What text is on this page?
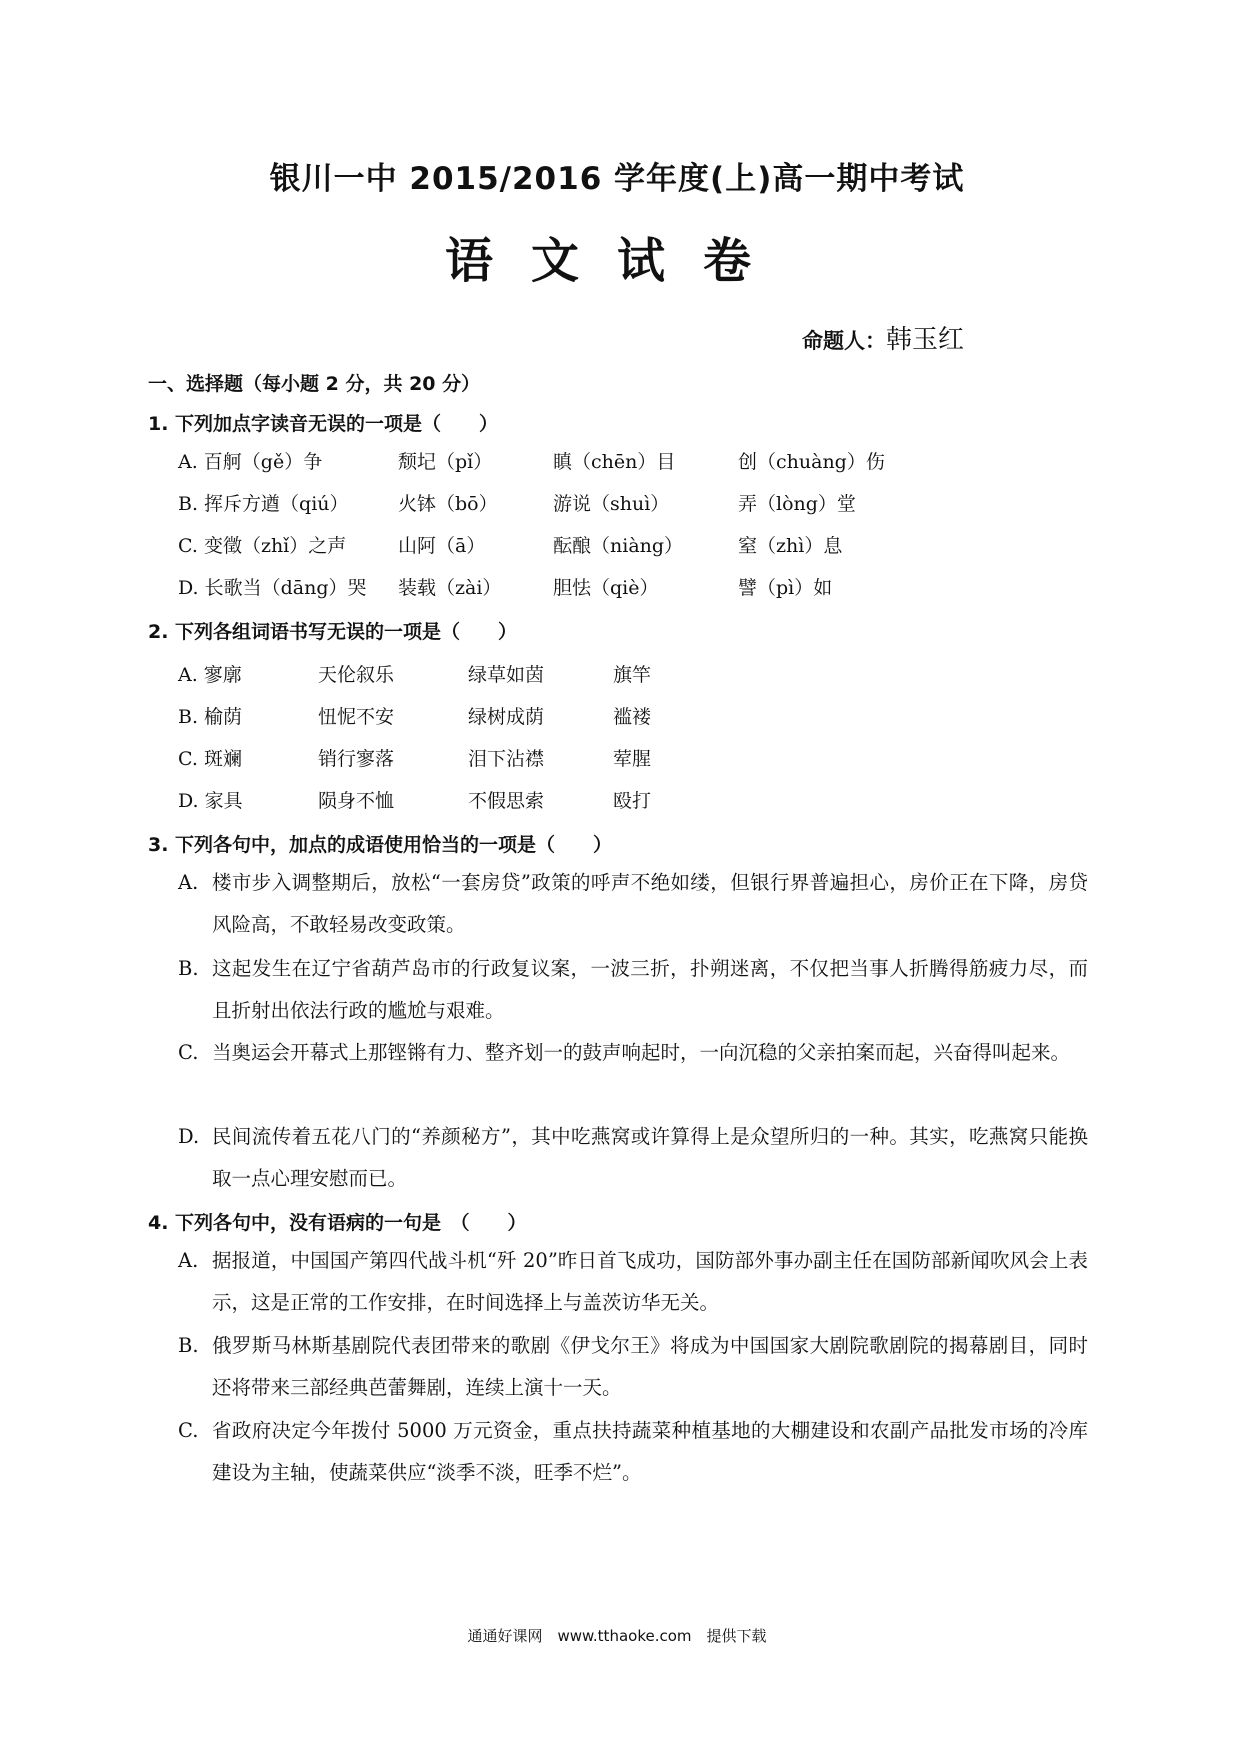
银川一中 2015/2016 学年度(上)高一期中考试
语文试卷
命题人：韩玉红
一、选择题（每小题 2 分，共 20 分）
1. 下列加点字读音无误的一项是（　　）
A. 百舸（gě）争	颓圮（pǐ）	瞋（chēn）目	创（chuàng）伤
B. 挥斥方遒（qiú）	火钵（bō）	游说（shuì）	弄（lòng）堂
C. 变徵（zhǐ）之声	山阿（ā）	酝酿（niàng）	窒（zhì）息
D. 长歌当（dāng）哭 装载（zài）	胆怯（qiè）	譬（pì）如
2. 下列各组词语书写无误的一项是（　　）
A. 寥廓	天伦叙乐	绿草如茵	旗竿
B. 榆荫	忸怩不安	绿树成荫	褴褛
C. 斑斓	销行寥落	泪下沾襟	荤腥
D. 家具	陨身不恤	不假思索	殴打
3. 下列各句中，加点的成语使用恰当的一项是（　　）
A. 楼市步入调整期后，放松“一套房贷”政策的呼声不绝如缕，但银行界普遍担心，房价正在下降，房贷风险高，不敢轻易改变政策。
B. 这起发生在辽宁省葫芦岛市的行政复议案，一波三折，扑朔迷离，不仅把当事人折腾得筋疲力尽，而且折射出依法行政的尴尬与艰难。
C. 当奥运会开幕式上那铿锵有力、整齐划一的鼓声响起时，一向沉稳的父亲拍案而起，兴奋得叫起来。
D. 民间流传着五花八门的“养颜秘方”，其中吃燕窝或许算得上是众望所归的一种。其实，吃燕窝只能换取一点心理安慰而已。
4. 下列各句中，没有语病的一句是　（　　）
A. 据报道，中国国产第四代战斗机“歼 20”昨日首飞成功，国防部外事办副主任在国防部新闻吹风会上表示，这是正常的工作安排，在时间选择上与盖茨访华无关。
B. 俄罗斯马林斯基剧院代表团带来的歌剧《伊戈尔王》将成为中国国家大剧院歌剧院的揭幕剧目，同时还将带来三部经典芭蕾舞剧，连续上演十一天。
C. 省政府决定今年拨付 5000 万元资金，重点扶持蔬菜种植基地的大棚建设和农副产品批发市场的冷库建设为主轴，使蔬菜供应“淡季不淡，旺季不烂”。
通通好课网　www.tthaoke.com　提供下载
